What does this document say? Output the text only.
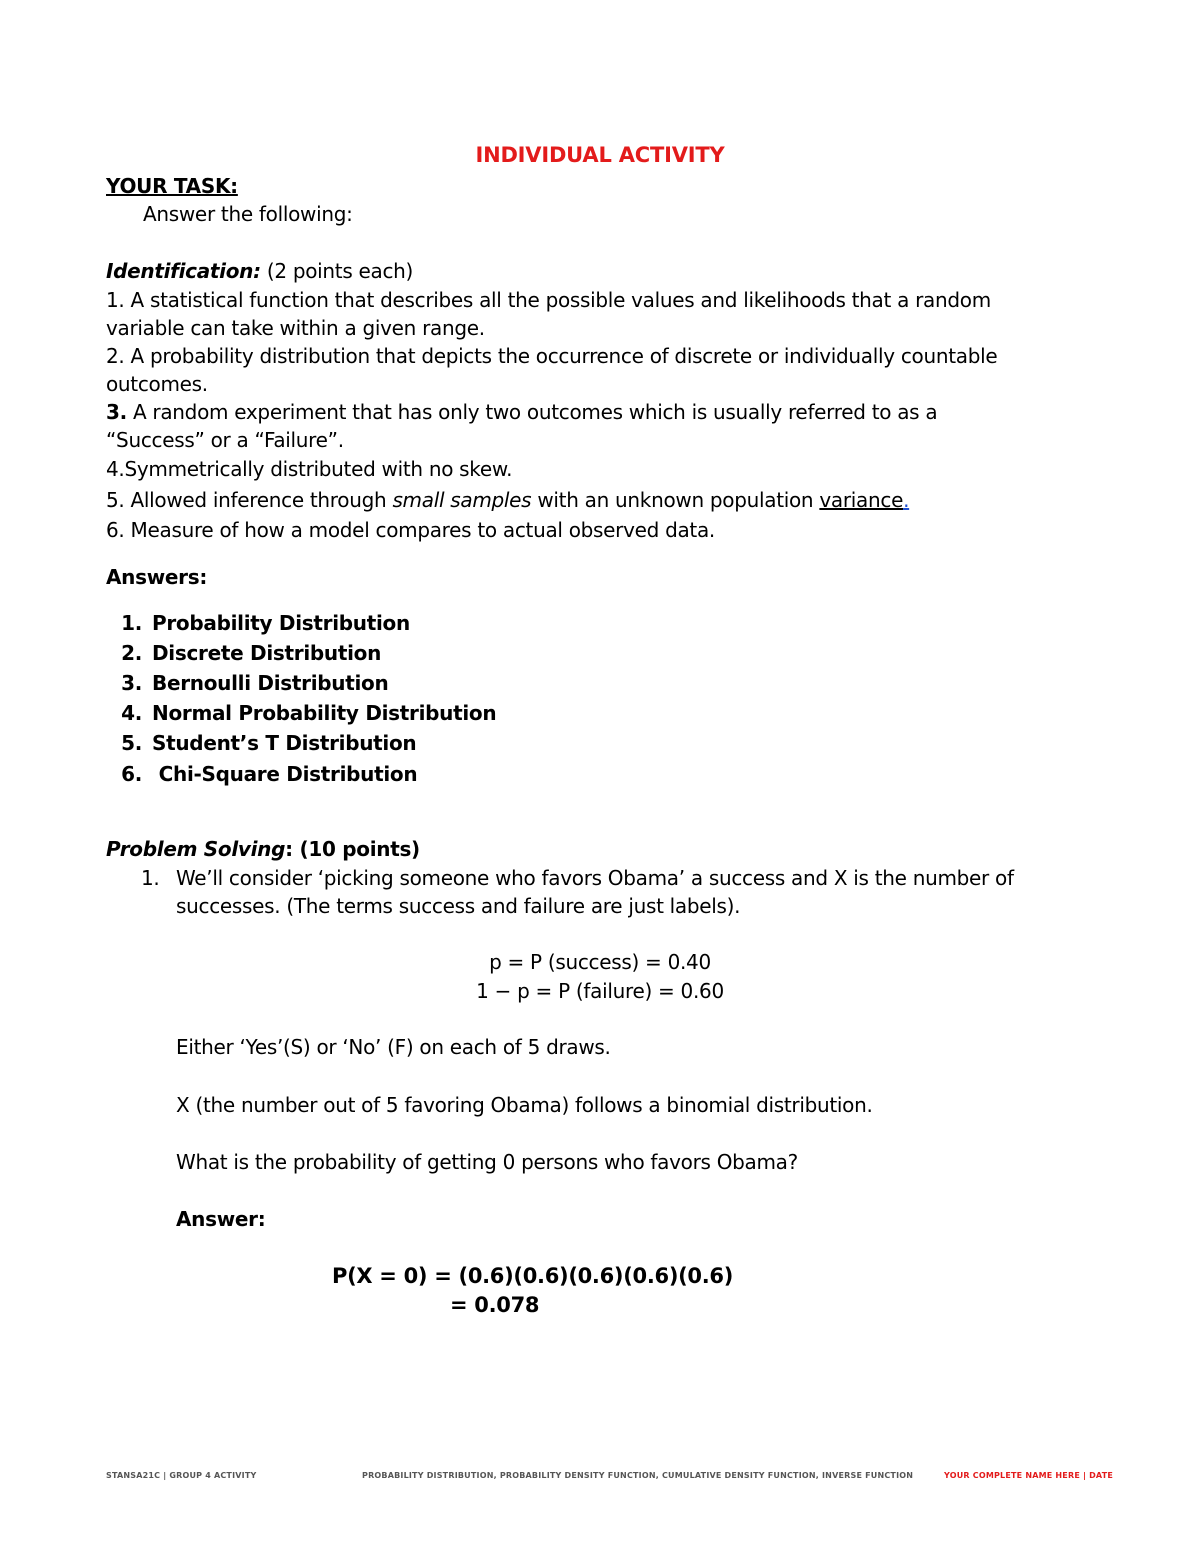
INDIVIDUAL ACTIVITY
YOUR TASK:
Answer the following:
Identification: (2 points each)
1. A statistical function that describes all the possible values and likelihoods that a random
variable can take within a given range.
2. A probability distribution that depicts the occurrence of discrete or individually countable
outcomes.
3. A random experiment that has only two outcomes which is usually referred to as a
“Success” or a “Failure”.
4.Symmetrically distributed with no skew.
5. Allowed inference through small samples with an unknown population variance.
6. Measure of how a model compares to actual observed data.
Answers:
1. Probability Distribution
2. Discrete Distribution
3. Bernoulli Distribution
4. Normal Probability Distribution
5. Student’s T Distribution
6. Chi-Square Distribution
Problem Solving: (10 points)
1. We’ll consider ‘picking someone who favors Obama’ a success and X is the number of
successes. (The terms success and failure are just labels).
p = P (success) = 0.40
1 − p = P (failure) = 0.60
Either ‘Yes’(S) or ‘No’ (F) on each of 5 draws.
X (the number out of 5 favoring Obama) follows a binomial distribution.
What is the probability of getting 0 persons who favors Obama?
Answer:
P(X = 0) = (0.6)(0.6)(0.6)(0.6)(0.6)
= 0.078
STANSA21C | GROUP 4 ACTIVITY	PROBABILITY DISTRIBUTION, PROBABILITY DENSITY FUNCTION, CUMULATIVE DENSITY FUNCTION, INVERSE FUNCTION	YOUR COMPLETE NAME HERE | DATE
